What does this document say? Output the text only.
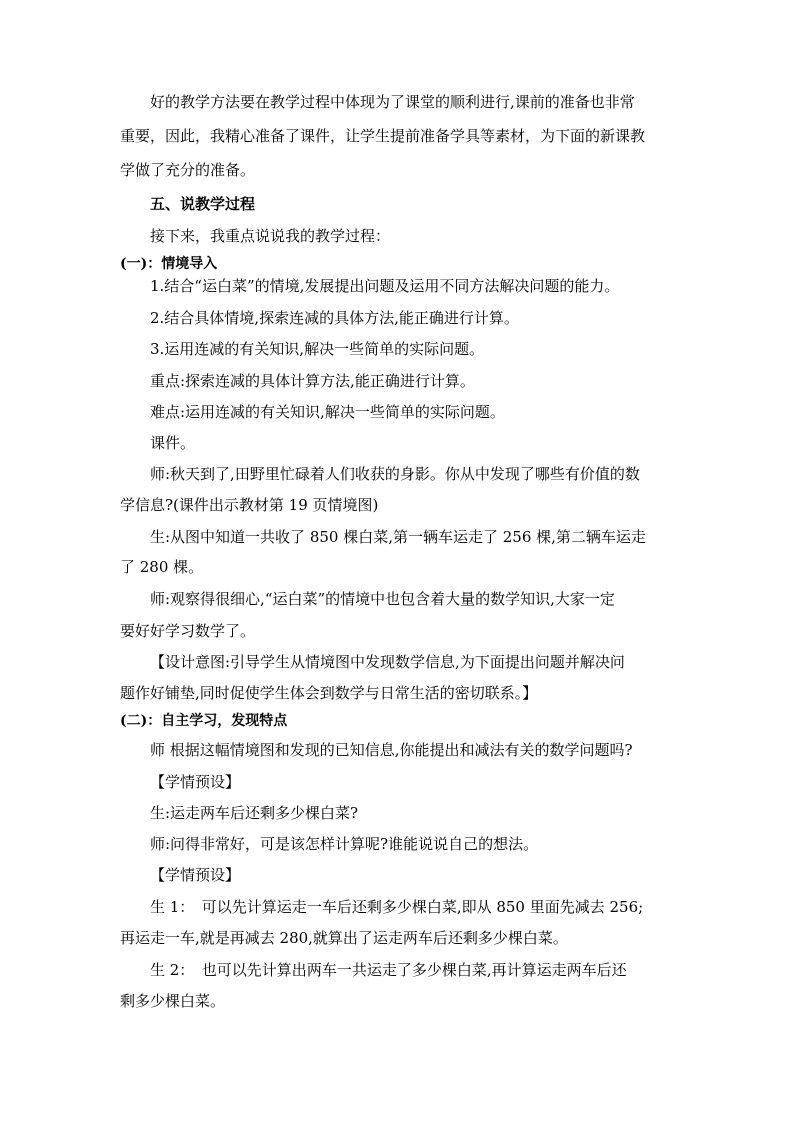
好的教学方法要在教学过程中体现为了课堂的顺利进行,课前的准备也非常
重要，因此，我精心准备了课件，让学生提前准备学具等素材，为下面的新课教
学做了充分的准备。
五、说教学过程
接下来，我重点说说我的教学过程：
(一)：情境导入
1.结合“运白菜”的情境,发展提出问题及运用不同方法解决问题的能力。
2.结合具体情境,探索连减的具体方法,能正确进行计算。
3.运用连减的有关知识,解决一些简单的实际问题。
重点:探索连减的具体计算方法,能正确进行计算。
难点:运用连减的有关知识,解决一些简单的实际问题。
课件。
师:秋天到了,田野里忙碌着人们收获的身影。你从中发现了哪些有价值的数
学信息?(课件出示教材第 19 页情境图)
生:从图中知道一共收了 850 棵白菜,第一辆车运走了 256 棵,第二辆车运走
了 280 棵。
师:观察得很细心,“运白菜”的情境中也包含着大量的数学知识,大家一定
要好好学习数学了。
【设计意图:引导学生从情境图中发现数学信息,为下面提出问题并解决问
题作好铺垫,同时促使学生体会到数学与日常生活的密切联系。】
(二)：自主学习，发现特点
师 根据这幅情境图和发现的已知信息,你能提出和减法有关的数学问题吗?
【学情预设】
生:运走两车后还剩多少棵白菜?
师:问得非常好，可是该怎样计算呢?谁能说说自己的想法。
【学情预设】
生 1：　可以先计算运走一车后还剩多少棵白菜,即从 850 里面先减去 256;
再运走一车,就是再减去 280,就算出了运走两车后还剩多少棵白菜。
生 2：　也可以先计算出两车一共运走了多少棵白菜,再计算运走两车后还
剩多少棵白菜。
